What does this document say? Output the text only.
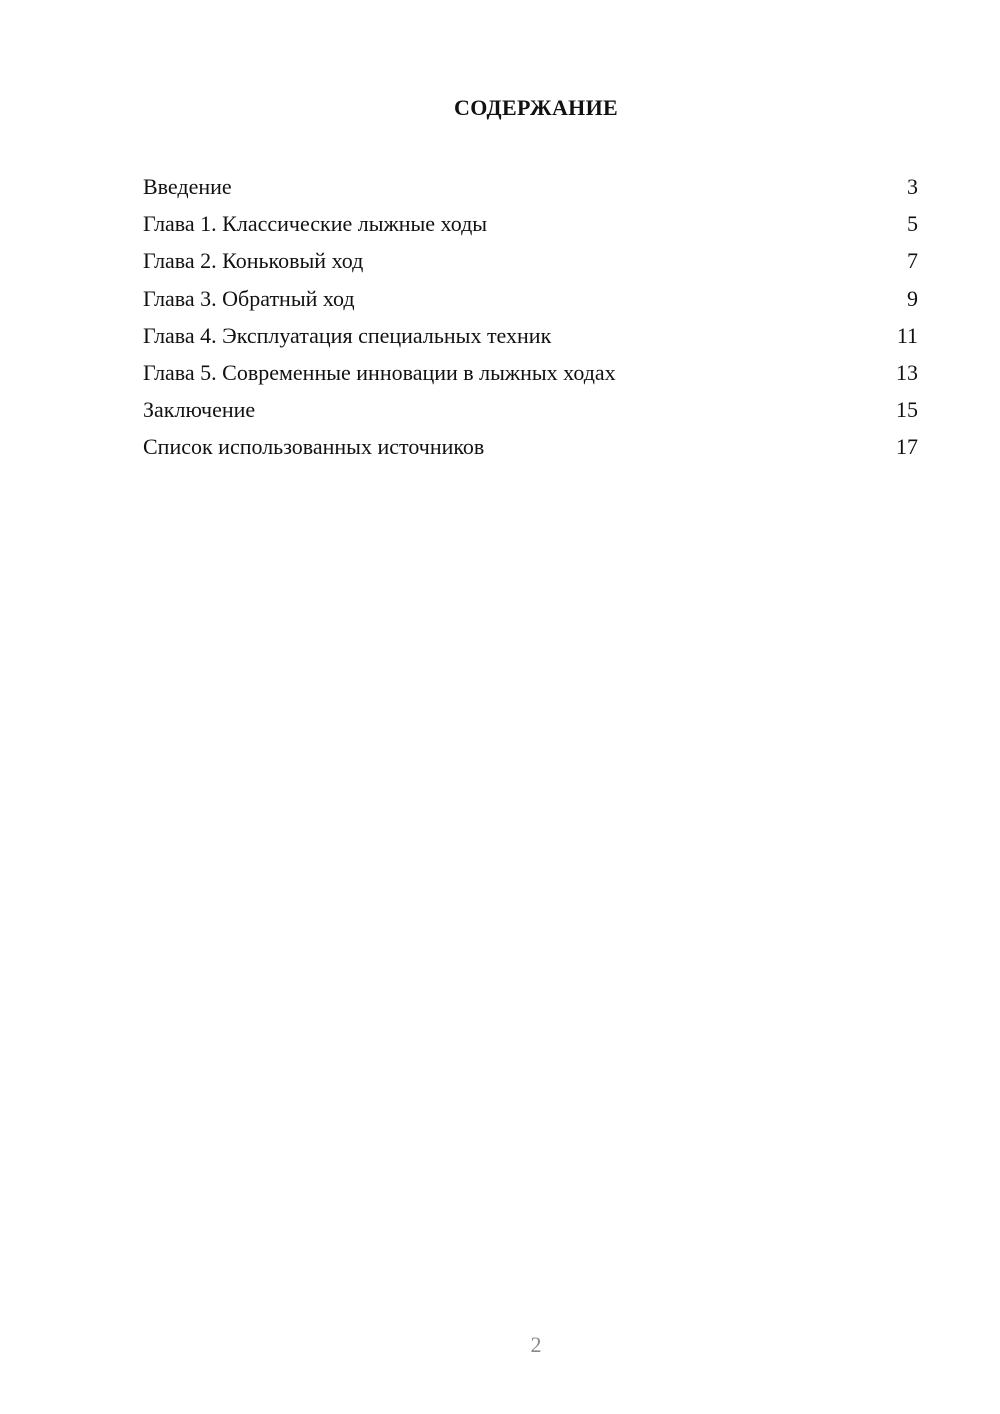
СОДЕРЖАНИЕ
Введение	3
Глава 1. Классические лыжные ходы	5
Глава 2. Коньковый ход	7
Глава 3. Обратный ход	9
Глава 4. Эксплуатация специальных техник	11
Глава 5. Современные инновации в лыжных ходах	13
Заключение	15
Список использованных источников	17
2
